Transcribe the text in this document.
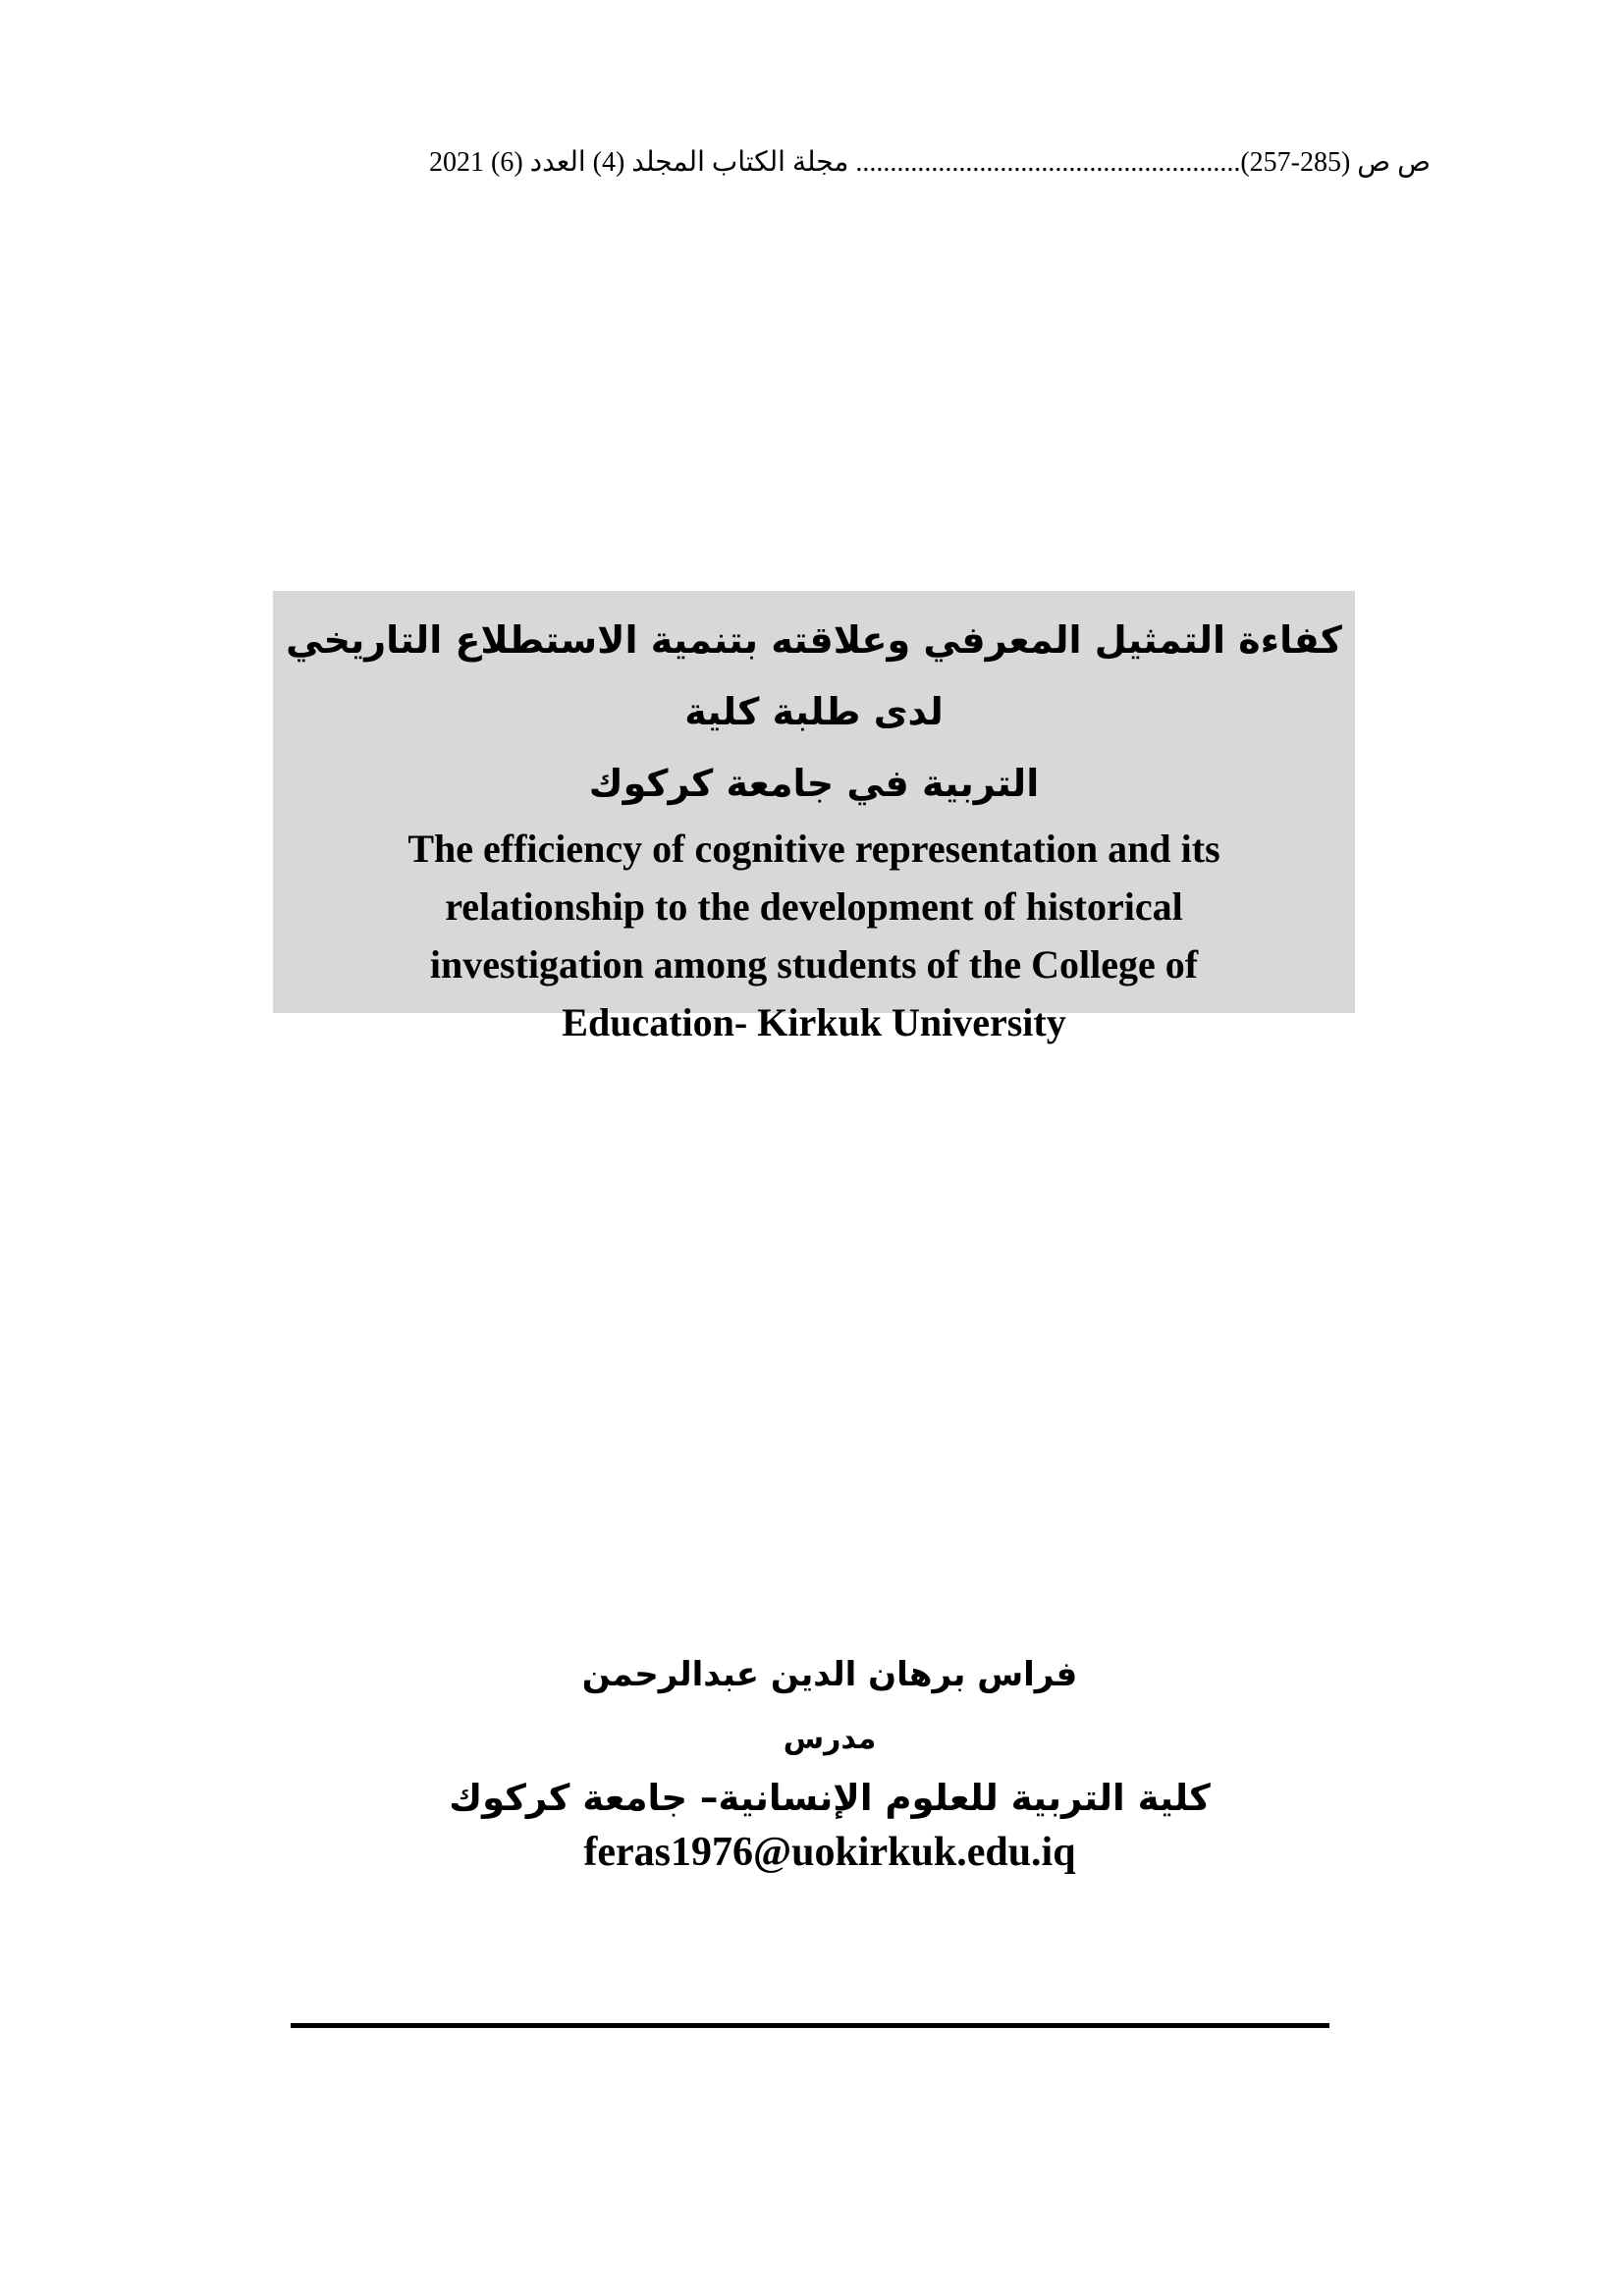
ص ص (285-257)........................................................ مجلة الكتاب المجلد (4) العدد (6) 2021
كفاءة التمثيل المعرفي وعلاقته بتنمية الاستطلاع التاريخي لدى طلبة كلية
التربية في جامعة كركوك
The efficiency of cognitive representation and its
relationship to the development of historical
investigation among students of the College of
Education- Kirkuk University
فراس برهان الدين عبدالرحمن
مدرس
كلية التربية للعلوم الإنسانية– جامعة كركوك
feras1976@uokirkuk.edu.iq
